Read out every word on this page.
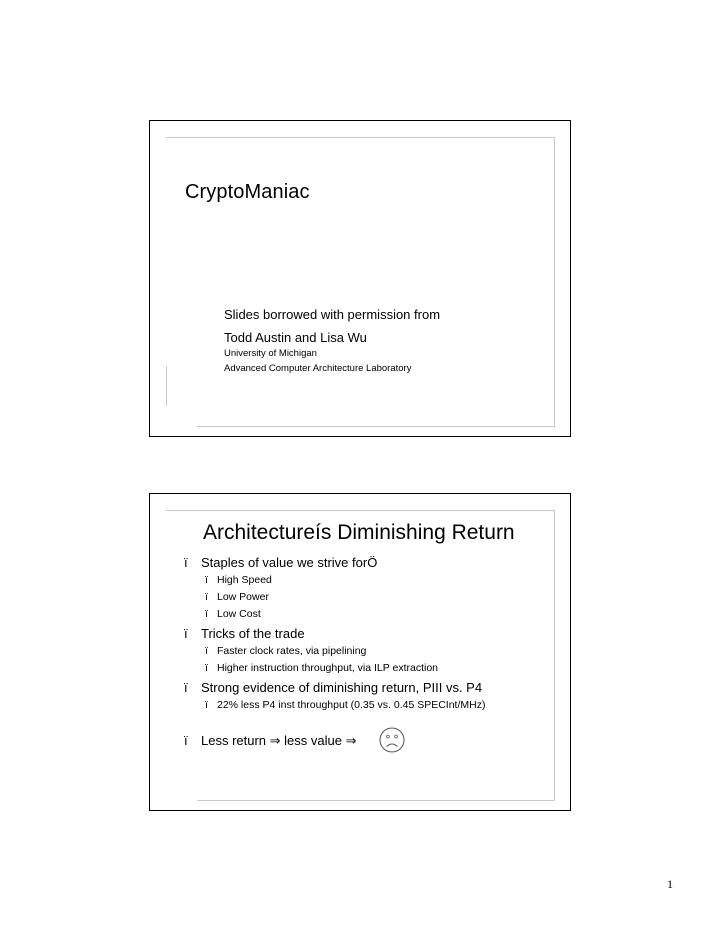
CryptoManiac
Slides borrowed with permission from
Todd Austin and Lisa Wu
University of Michigan
Advanced Computer Architecture Laboratory
Architectureís Diminishing Return
ï Staples of value we strive forÖ
ï High Speed
ï Low Power
ï Low Cost
ï Tricks of the trade
ï Faster clock rates, via pipelining
ï Higher instruction throughput, via ILP extraction
ï Strong evidence of diminishing return, PIII vs. P4
ï 22% less P4 inst throughput (0.35 vs. 0.45 SPECInt/MHz)
ï Less return ⇒ less value ⇒
1
